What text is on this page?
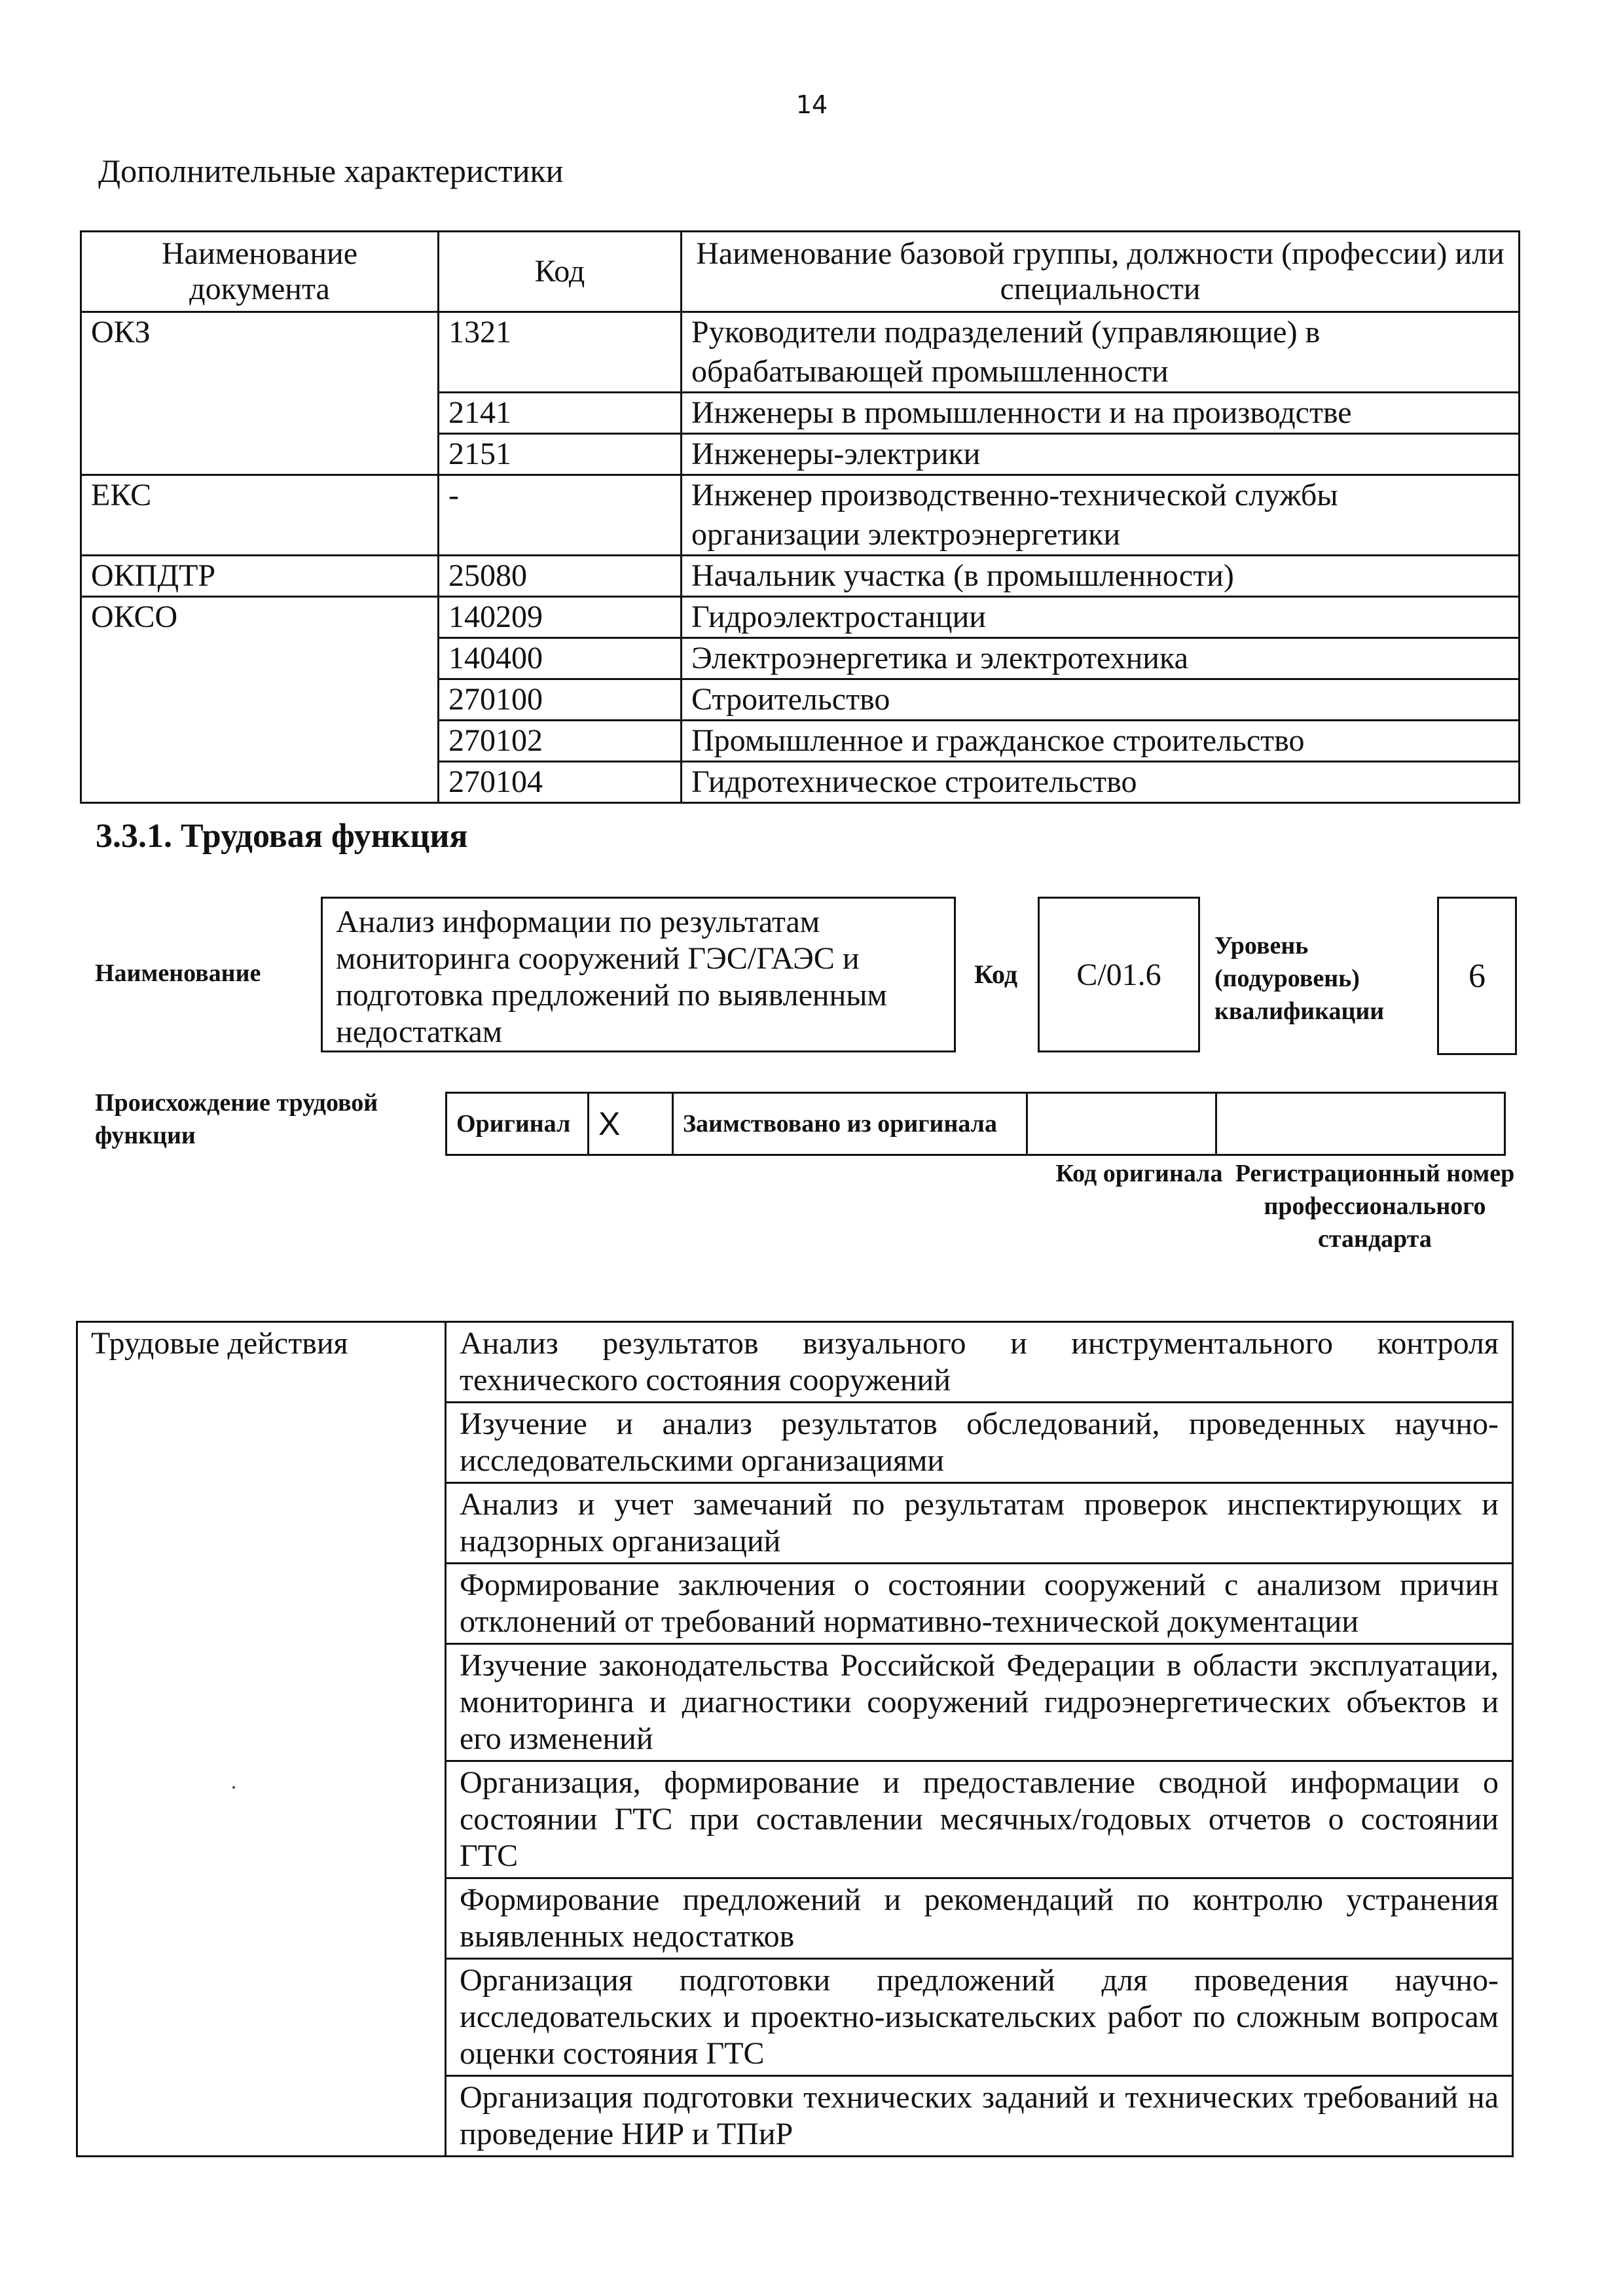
14
Дополнительные характеристики
Наименование документа	Код	Наименование базовой группы, должности (профессии) или специальности
ОКЗ	1321	Руководители подразделений (управляющие) в обрабатывающей промышленности
	2141	Инженеры в промышленности и на производстве
	2151	Инженеры-электрики
ЕКС	-	Инженер производственно-технической службы организации электроэнергетики
ОКПДТР	25080	Начальник участка (в промышленности)
ОКСО	140209	Гидроэлектростанции
	140400	Электроэнергетика и электротехника
	270100	Строительство
	270102	Промышленное и гражданское строительство
	270104	Гидротехническое строительство
3.3.1. Трудовая функция
Наименование
Анализ информации по результатам мониторинга сооружений ГЭС/ГАЭС и подготовка предложений по выявленным недостаткам
Код	C/01.6
Уровень (подуровень) квалификации
6
Происхождение трудовой функции	Оригинал	X	Заимствовано из оригинала		
Код оригинала Регистрационный номер профессионального стандарта
Трудовые действия	Анализ результатов визуального и инструментального контроля технического состояния сооружений
Изучение и анализ результатов обследований, проведенных научно-исследовательскими организациями
Анализ и учет замечаний по результатам проверок инспектирующих и надзорных организаций
Формирование заключения о состоянии сооружений с анализом причин отклонений от требований нормативно-технической документации
Изучение законодательства Российской Федерации в области эксплуатации, мониторинга и диагностики сооружений гидроэнергетических объектов и его изменений
Организация, формирование и предоставление сводной информации о состоянии ГТС при составлении месячных/годовых отчетов о состоянии ГТС
Формирование предложений и рекомендаций по контролю устранения выявленных недостатков
Организация подготовки предложений для проведения научно-исследовательских и проектно-изыскательских работ по сложным вопросам оценки состояния ГТС
Организация подготовки технических заданий и технических требований на проведение НИР и ТПиР
